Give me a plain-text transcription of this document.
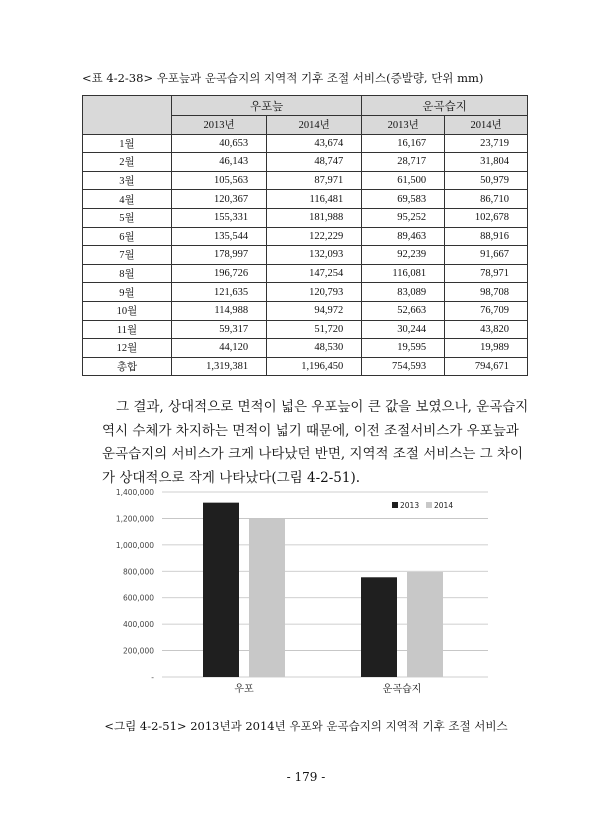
<표 4-2-38> 우포늪과 운곡습지의 지역적 기후 조절 서비스(증발량, 단위 mm)
	우포늪		운곡습지	
	2013년	2014년	2013년	2014년
1월	40,653	43,674	16,167	23,719
2월	46,143	48,747	28,717	31,804
3월	105,563	87,971	61,500	50,979
4월	120,367	116,481	69,583	86,710
5월	155,331	181,988	95,252	102,678
6월	135,544	122,229	89,463	88,916
7월	178,997	132,093	92,239	91,667
8월	196,726	147,254	116,081	78,971
9월	121,635	120,793	83,089	98,708
10월	114,988	94,972	52,663	76,709
11월	59,317	51,720	30,244	43,820
12월	44,120	48,530	19,595	19,989
총합	1,319,381	1,196,450	754,593	794,671
그 결과, 상대적으로 면적이 넓은 우포늪이 큰 값을 보였으나, 운곡습지
역시 수체가 차지하는 면적이 넓기 때문에, 이전 조절서비스가 우포늪과
운곡습지의 서비스가 크게 나타났던 반면, 지역적 조절 서비스는 그 차이
가 상대적으로 작게 나타났다(그림 4-2-51).
-
200,000
400,000
600,000
800,000
1,000,000
1,200,000
1,400,000
우포	운곡습지
2013 2014
<그림 4-2-51> 2013년과 2014년 우포와 운곡습지의 지역적 기후 조절 서비스
- 179 -
